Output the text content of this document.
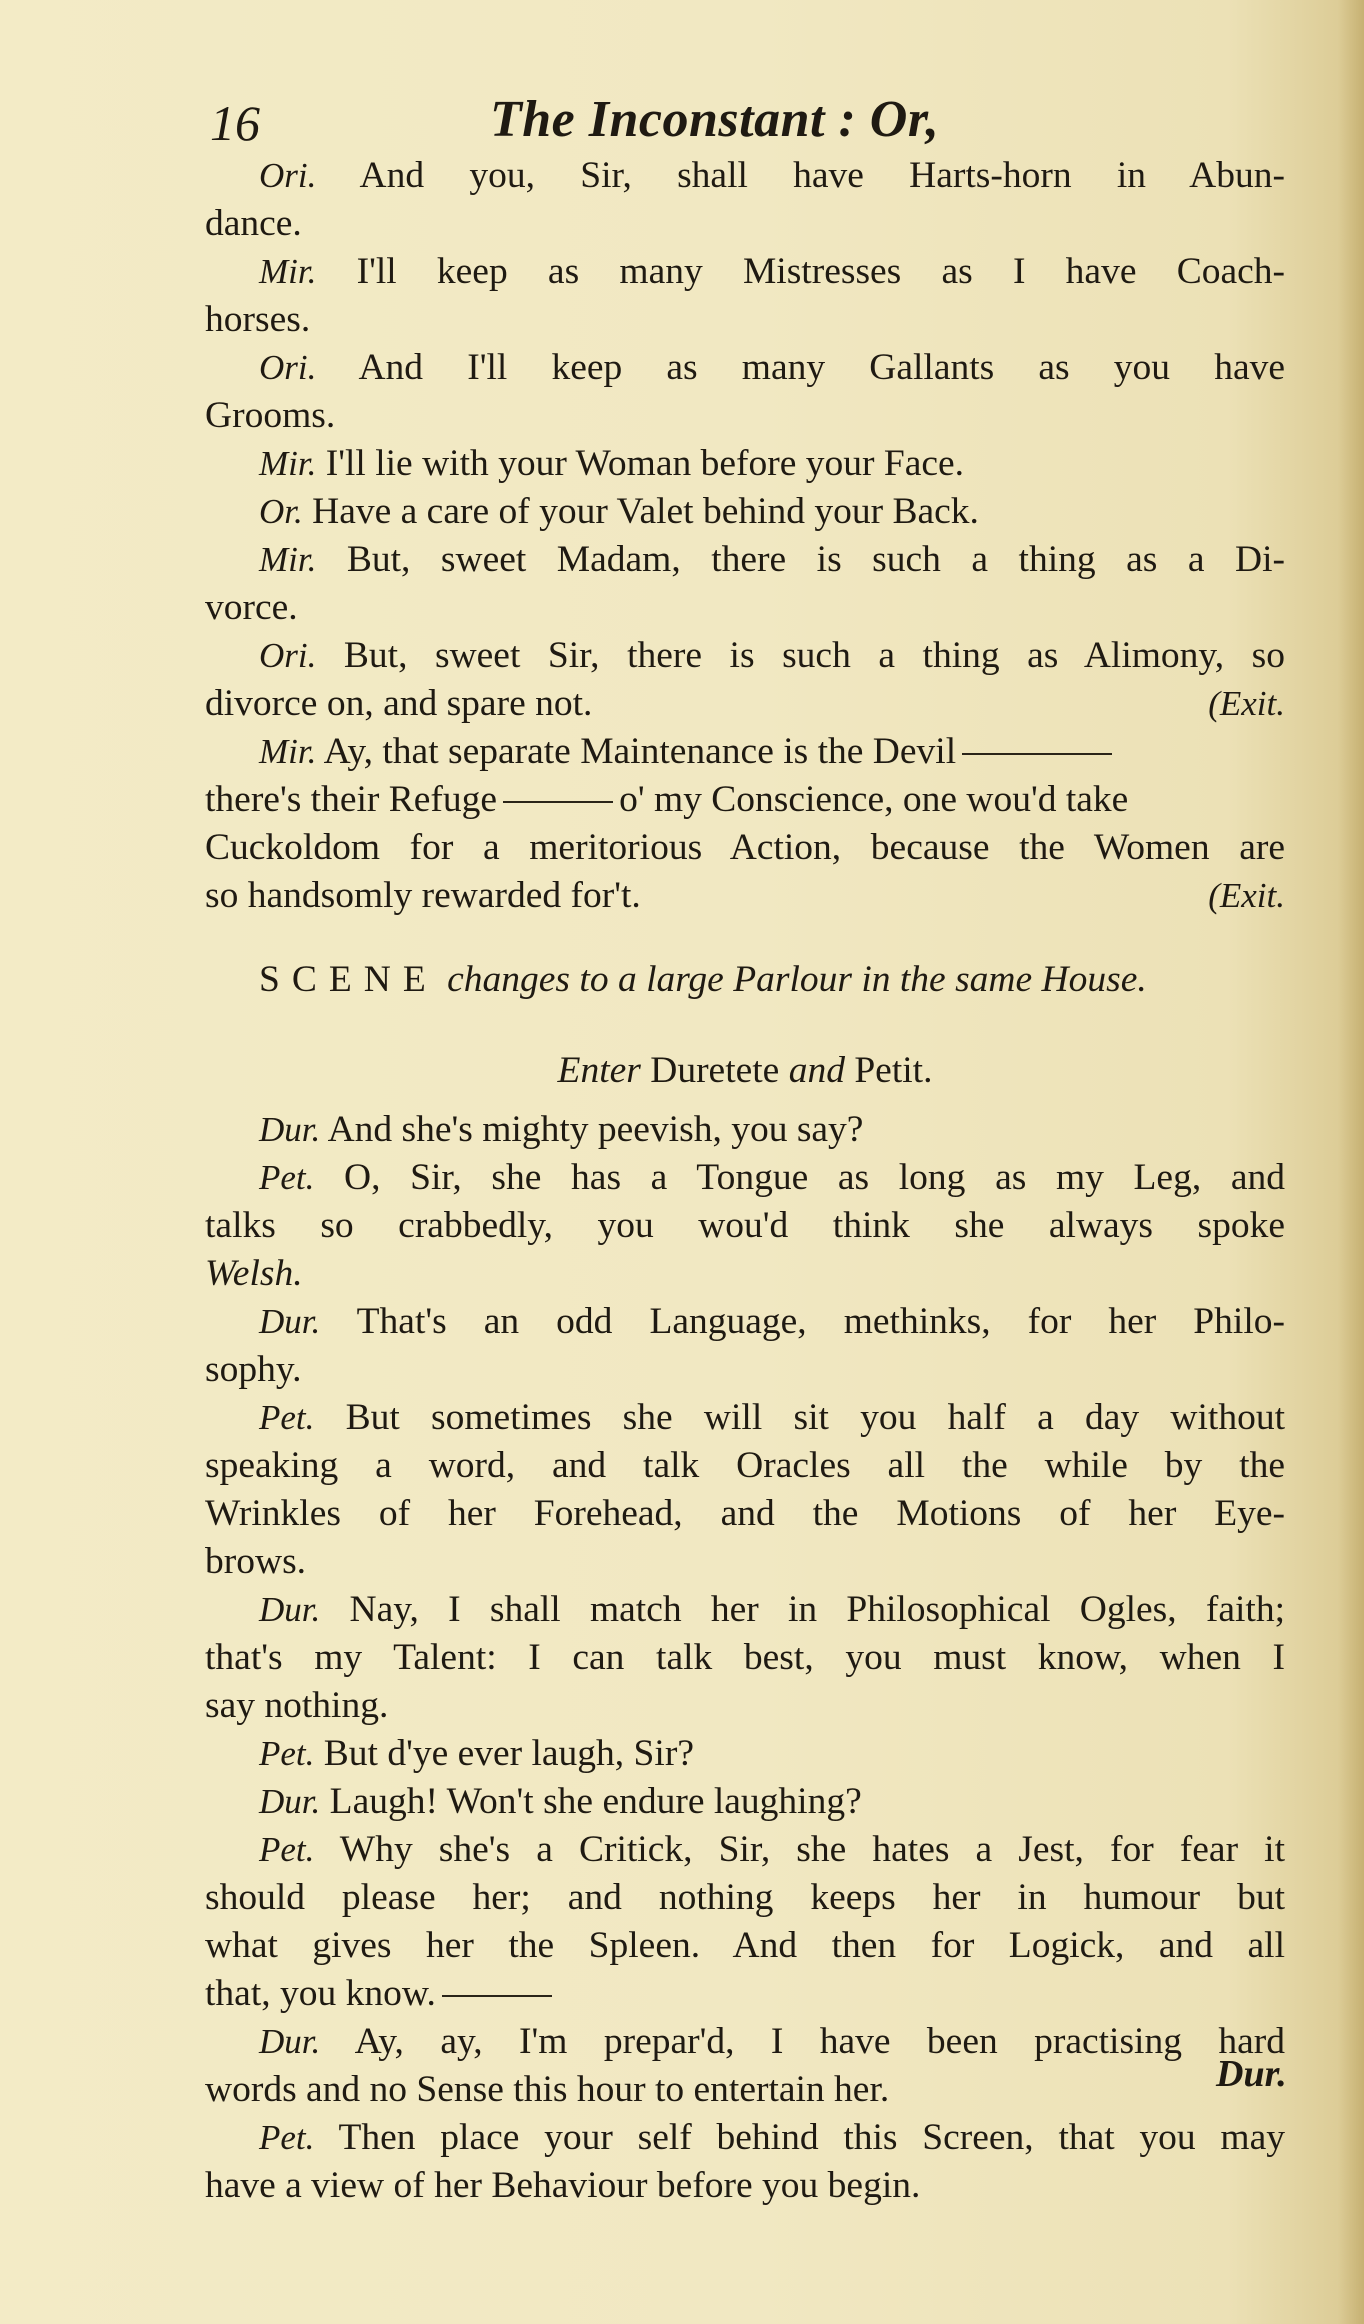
16	The Inconstant : Or,
Ori. And you, Sir, shall have Harts-horn in Abun-
dance.
Mir. I'll keep as many Mistresses as I have Coach-
horses.
Ori. And I'll keep as many Gallants as you have
Grooms.
Mir. I'll lie with your Woman before your Face.
Or. Have a care of your Valet behind your Back.
Mir. But, sweet Madam, there is such a thing as a Di-
vorce.
Ori. But, sweet Sir, there is such a thing as Alimony, so
divorce on, and spare not.	(Exit.
Mir. Ay, that separate Maintenance is the Devil
there's their Refuge	o' my Conscience, one wou'd take
Cuckoldom for a meritorious Action, because the Women are
so handsomly rewarded for't.	(Exit.
SCENE changes to a large Parlour in the same House.
Enter Duretete and Petit.
Dur. And she's mighty peevish, you say?
Pet. O, Sir, she has a Tongue as long as my Leg, and
talks so crabbedly, you wou'd think she always spoke
Welsh.
Dur. That's an odd Language, methinks, for her Philo-
sophy.
Pet. But sometimes she will sit you half a day without
speaking a word, and talk Oracles all the while by the
Wrinkles of her Forehead, and the Motions of her Eye-
brows.
Dur. Nay, I shall match her in Philosophical Ogles, faith;
that's my Talent: I can talk best, you must know, when I
say nothing.
Pet. But d'ye ever laugh, Sir?
Dur. Laugh! Won't she endure laughing?
Pet. Why she's a Critick, Sir, she hates a Jest, for fear it
should please her; and nothing keeps her in humour but
what gives her the Spleen. And then for Logick, and all
that, you know.
Dur. Ay, ay, I'm prepar'd, I have been practising hard
words and no Sense this hour to entertain her.
Pet. Then place your self behind this Screen, that you may
have a view of her Behaviour before you begin.
Dur.
